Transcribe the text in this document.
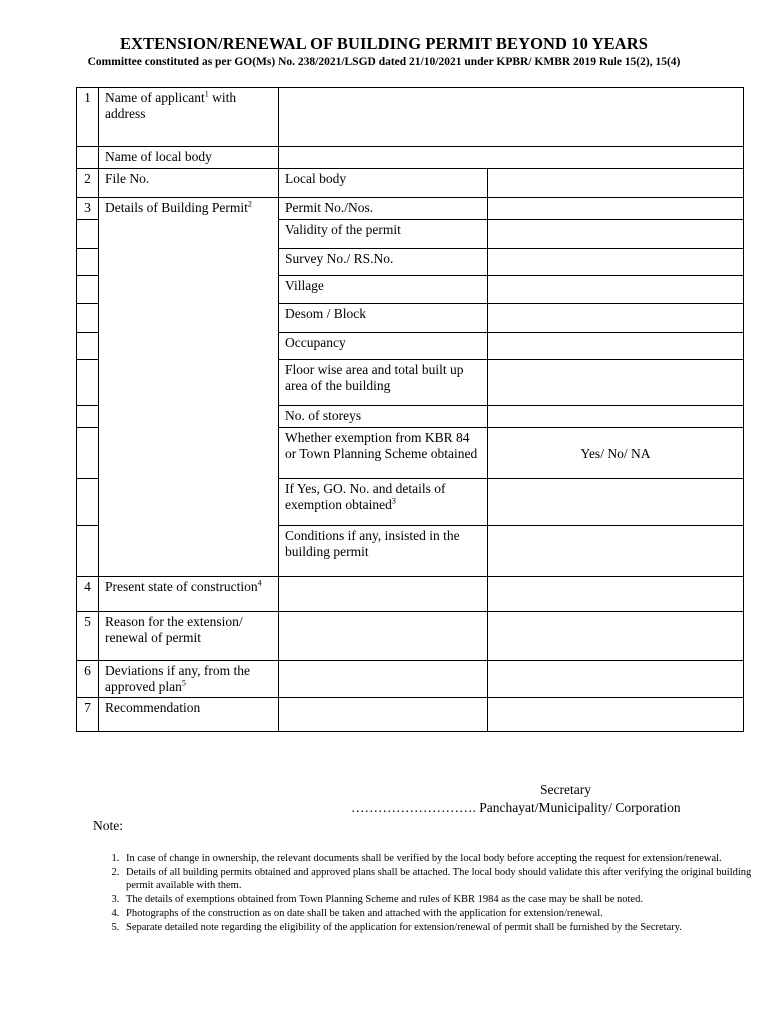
EXTENSION/RENEWAL OF BUILDING PERMIT BEYOND 10 YEARS
Committee constituted as per GO(Ms) No. 238/2021/LSGD dated 21/10/2021 under KPBR/ KMBR 2019 Rule 15(2), 15(4)
1	Name of applicant$^1$ with address		
	Name of local body		
2	File No.	Local body	
3	Details of Building Permit$^2$	Permit No./Nos.	
		Validity of the permit	
		Survey No./ RS.No.	
		Village	
		Desom / Block	
		Occupancy	
		Floor wise area and total built up area of the building	
		No. of storeys	
		Whether exemption from KBR 84 or Town Planning Scheme obtained	Yes/ No/ NA
		If Yes, GO. No. and details of exemption obtained$^3$	
		Conditions if any, insisted in the building permit	
4	Present state of construction$^4$		
5	Reason for the extension/ renewal of permit		
6	Deviations if any, from the approved plan$^5$		
7	Recommendation		
Secretary
………………………. Panchayat/Municipality/ Corporation
Note:
1. In case of change in ownership, the relevant documents shall be verified by the local body before accepting the request for extension/renewal.
2. Details of all building permits obtained and approved plans shall be attached. The local body should validate this after verifying the original building permit available with them.
3. The details of exemptions obtained from Town Planning Scheme and rules of KBR 1984 as the case may be shall be noted.
4. Photographs of the construction as on date shall be taken and attached with the application for extension/renewal.
5. Separate detailed note regarding the eligibility of the application for extension/renewal of permit shall be furnished by the Secretary.
